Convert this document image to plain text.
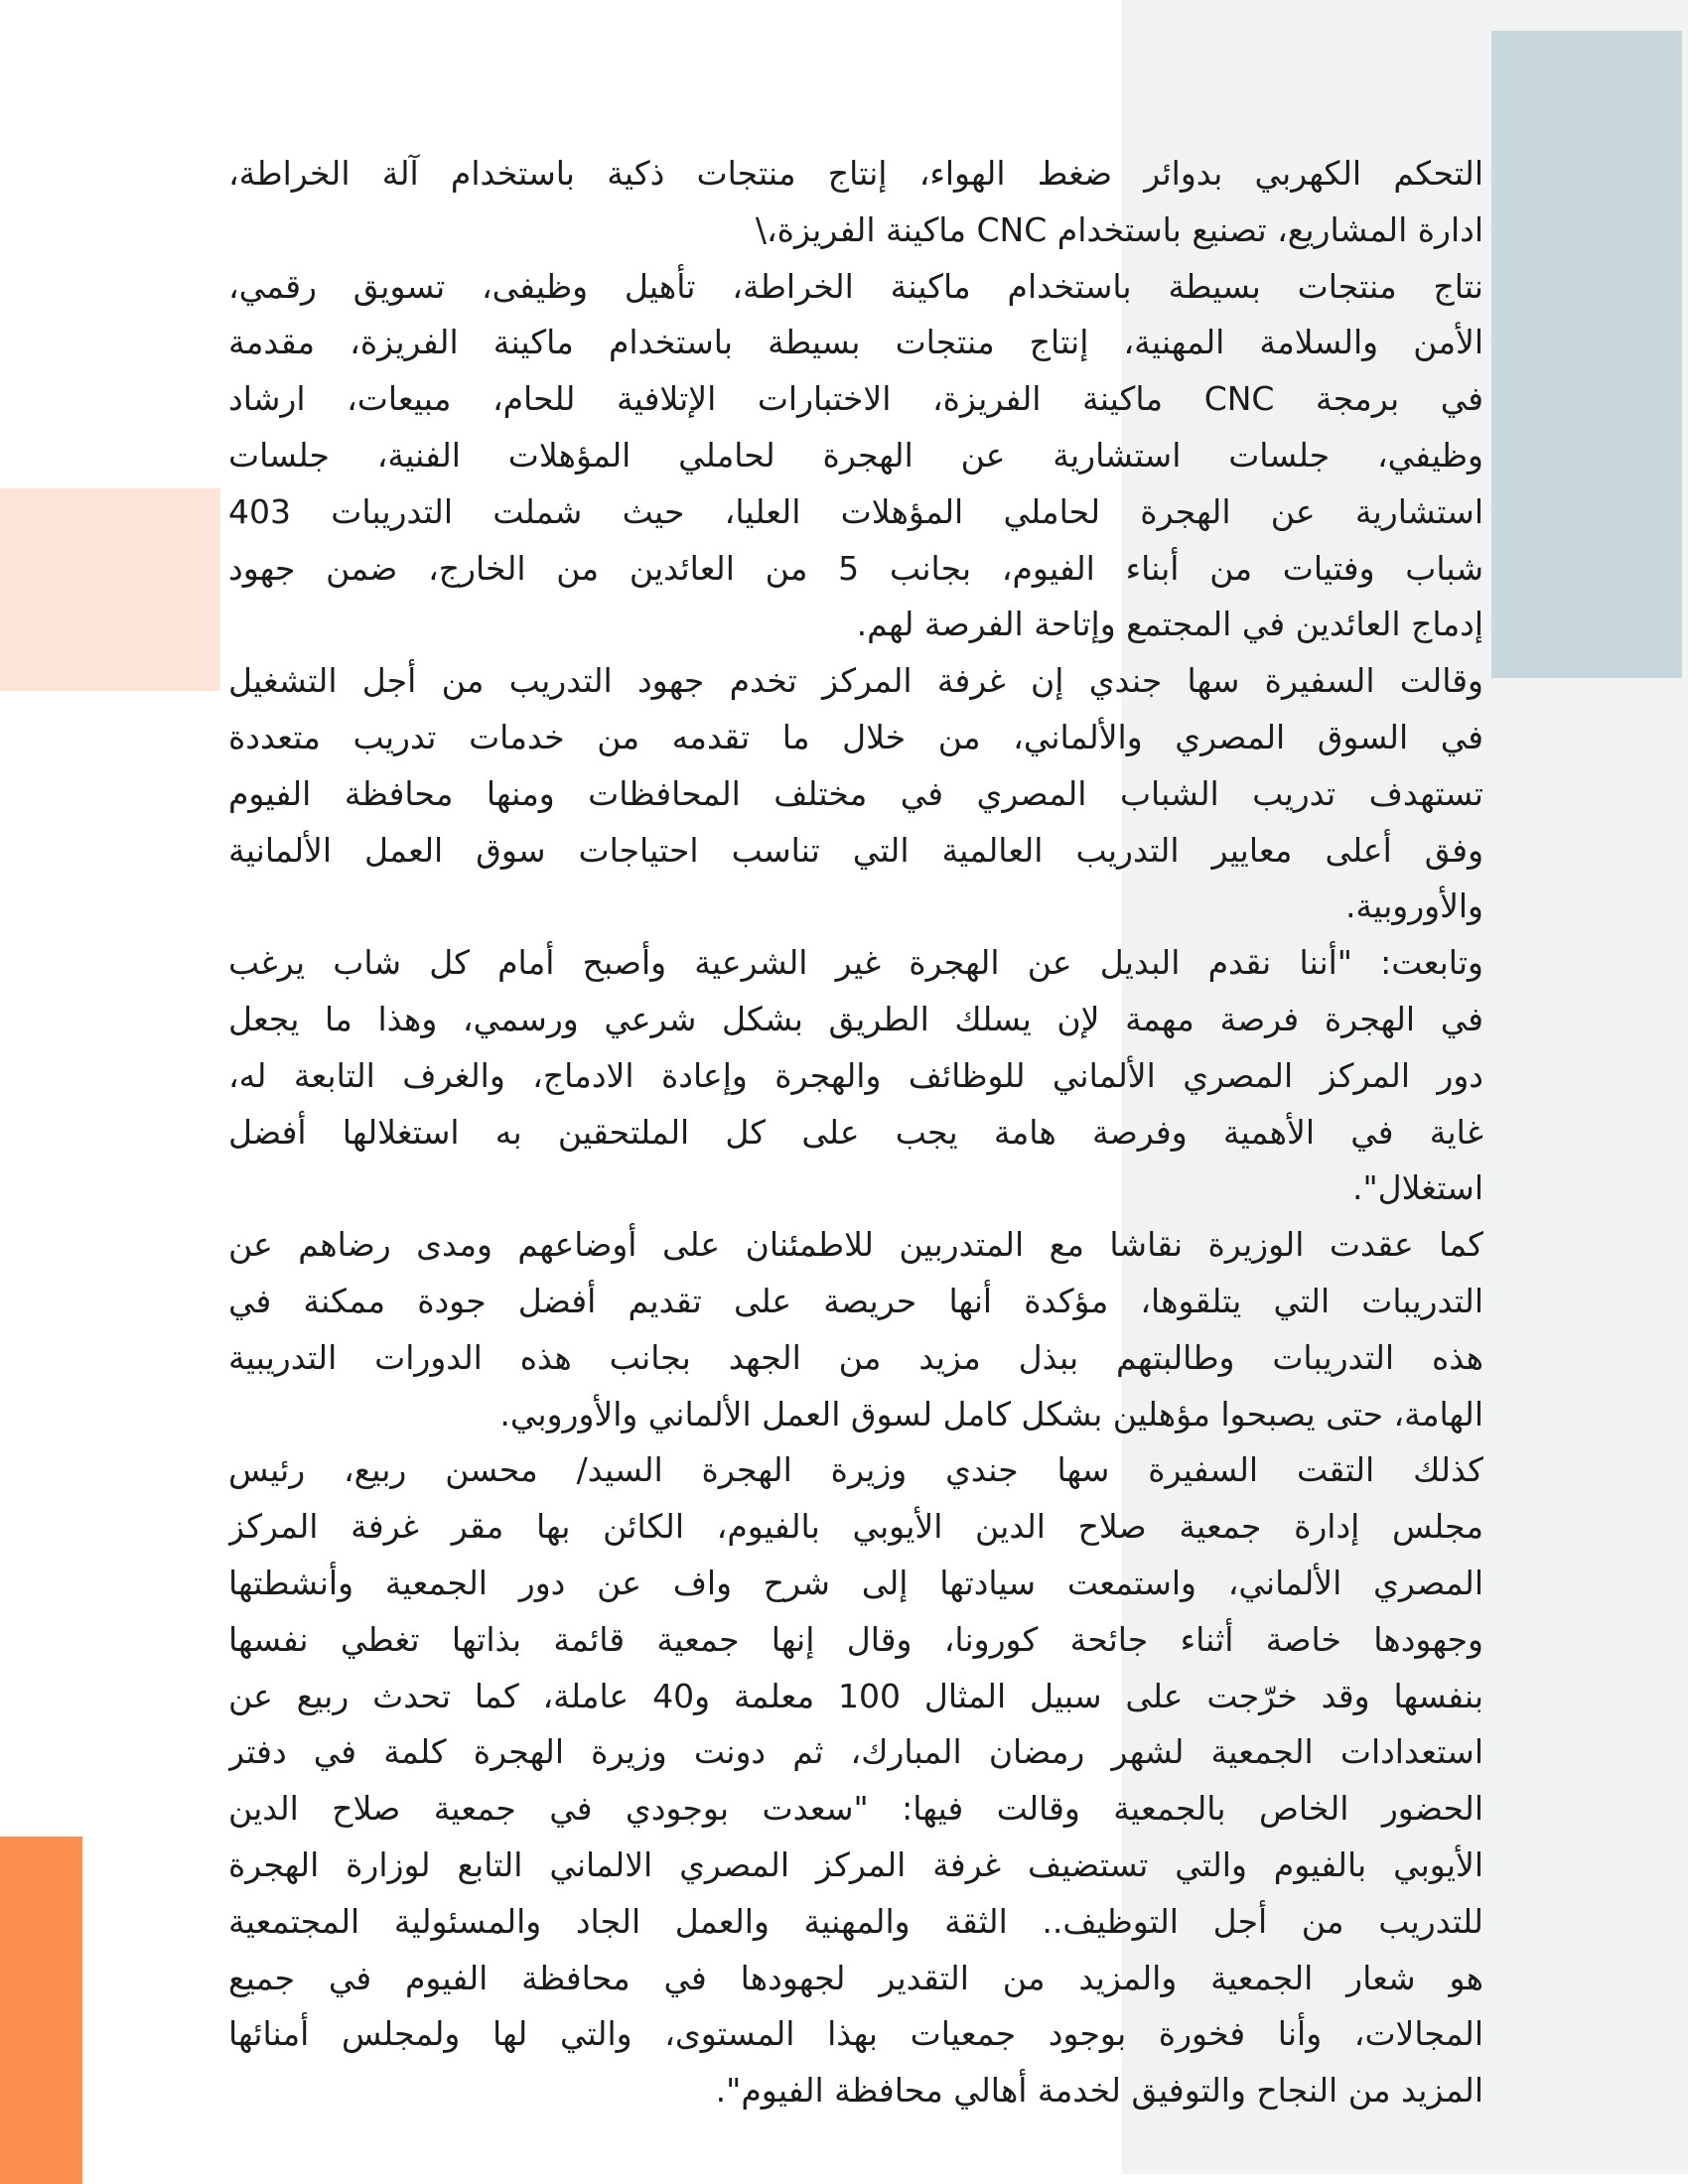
التحكم الكهربي بدوائر ضغط الهواء، إنتاج منتجات ذكية باستخدام آلة الخراطة،
ادارة المشاريع، تصنيع باستخدام CNC ماكينة الفريزة،\
نتاج منتجات بسيطة باستخدام ماكينة الخراطة، تأهيل وظيفى، تسويق رقمي،
الأمن والسلامة المهنية، إنتاج منتجات بسيطة باستخدام ماكينة الفريزة، مقدمة
في برمجة CNC ماكينة الفريزة، الاختبارات الإتلافية للحام، مبيعات، ارشاد
وظيفي، جلسات استشارية عن الهجرة لحاملي المؤهلات الفنية، جلسات
استشارية عن الهجرة لحاملي المؤهلات العليا، حيث شملت التدريبات 403
شباب وفتيات من أبناء الفيوم، بجانب 5 من العائدين من الخارج، ضمن جهود
إدماج العائدين في المجتمع وإتاحة الفرصة لهم.
وقالت السفيرة سها جندي إن غرفة المركز تخدم جهود التدريب من أجل التشغيل
في السوق المصري والألماني، من خلال ما تقدمه من خدمات تدريب متعددة
تستهدف تدريب الشباب المصري في مختلف المحافظات ومنها محافظة الفيوم
وفق أعلى معايير التدريب العالمية التي تناسب احتياجات سوق العمل الألمانية
والأوروبية.
وتابعت: "أننا نقدم البديل عن الهجرة غير الشرعية وأصبح أمام كل شاب يرغب
في الهجرة فرصة مهمة لإن يسلك الطريق بشكل شرعي ورسمي، وهذا ما يجعل
دور المركز المصري الألماني للوظائف والهجرة وإعادة الادماج، والغرف التابعة له،
غاية في الأهمية وفرصة هامة يجب على كل الملتحقين به استغلالها أفضل
استغلال".
كما عقدت الوزيرة نقاشا مع المتدربين للاطمئنان على أوضاعهم ومدى رضاهم عن
التدريبات التي يتلقوها، مؤكدة أنها حريصة على تقديم أفضل جودة ممكنة في
هذه التدريبات وطالبتهم ببذل مزيد من الجهد بجانب هذه الدورات التدريبية
الهامة، حتى يصبحوا مؤهلين بشكل كامل لسوق العمل الألماني والأوروبي.
كذلك التقت السفيرة سها جندي وزيرة الهجرة السيد/ محسن ربيع، رئيس
مجلس إدارة جمعية صلاح الدين الأيوبي بالفيوم، الكائن بها مقر غرفة المركز
المصري الألماني، واستمعت سيادتها إلى شرح واف عن دور الجمعية وأنشطتها
وجهودها خاصة أثناء جائحة كورونا، وقال إنها جمعية قائمة بذاتها تغطي نفسها
بنفسها وقد خرّجت على سبيل المثال 100 معلمة و40 عاملة، كما تحدث ربيع عن
استعدادات الجمعية لشهر رمضان المبارك، ثم دونت وزيرة الهجرة كلمة في دفتر
الحضور الخاص بالجمعية وقالت فيها: "سعدت بوجودي في جمعية صلاح الدين
الأيوبي بالفيوم والتي تستضيف غرفة المركز المصري الالماني التابع لوزارة الهجرة
للتدريب من أجل التوظيف.. الثقة والمهنية والعمل الجاد والمسئولية المجتمعية
هو شعار الجمعية والمزيد من التقدير لجهودها في محافظة الفيوم في جميع
المجالات، وأنا فخورة بوجود جمعيات بهذا المستوى، والتي لها ولمجلس أمنائها
المزيد من النجاح والتوفيق لخدمة أهالي محافظة الفيوم".
